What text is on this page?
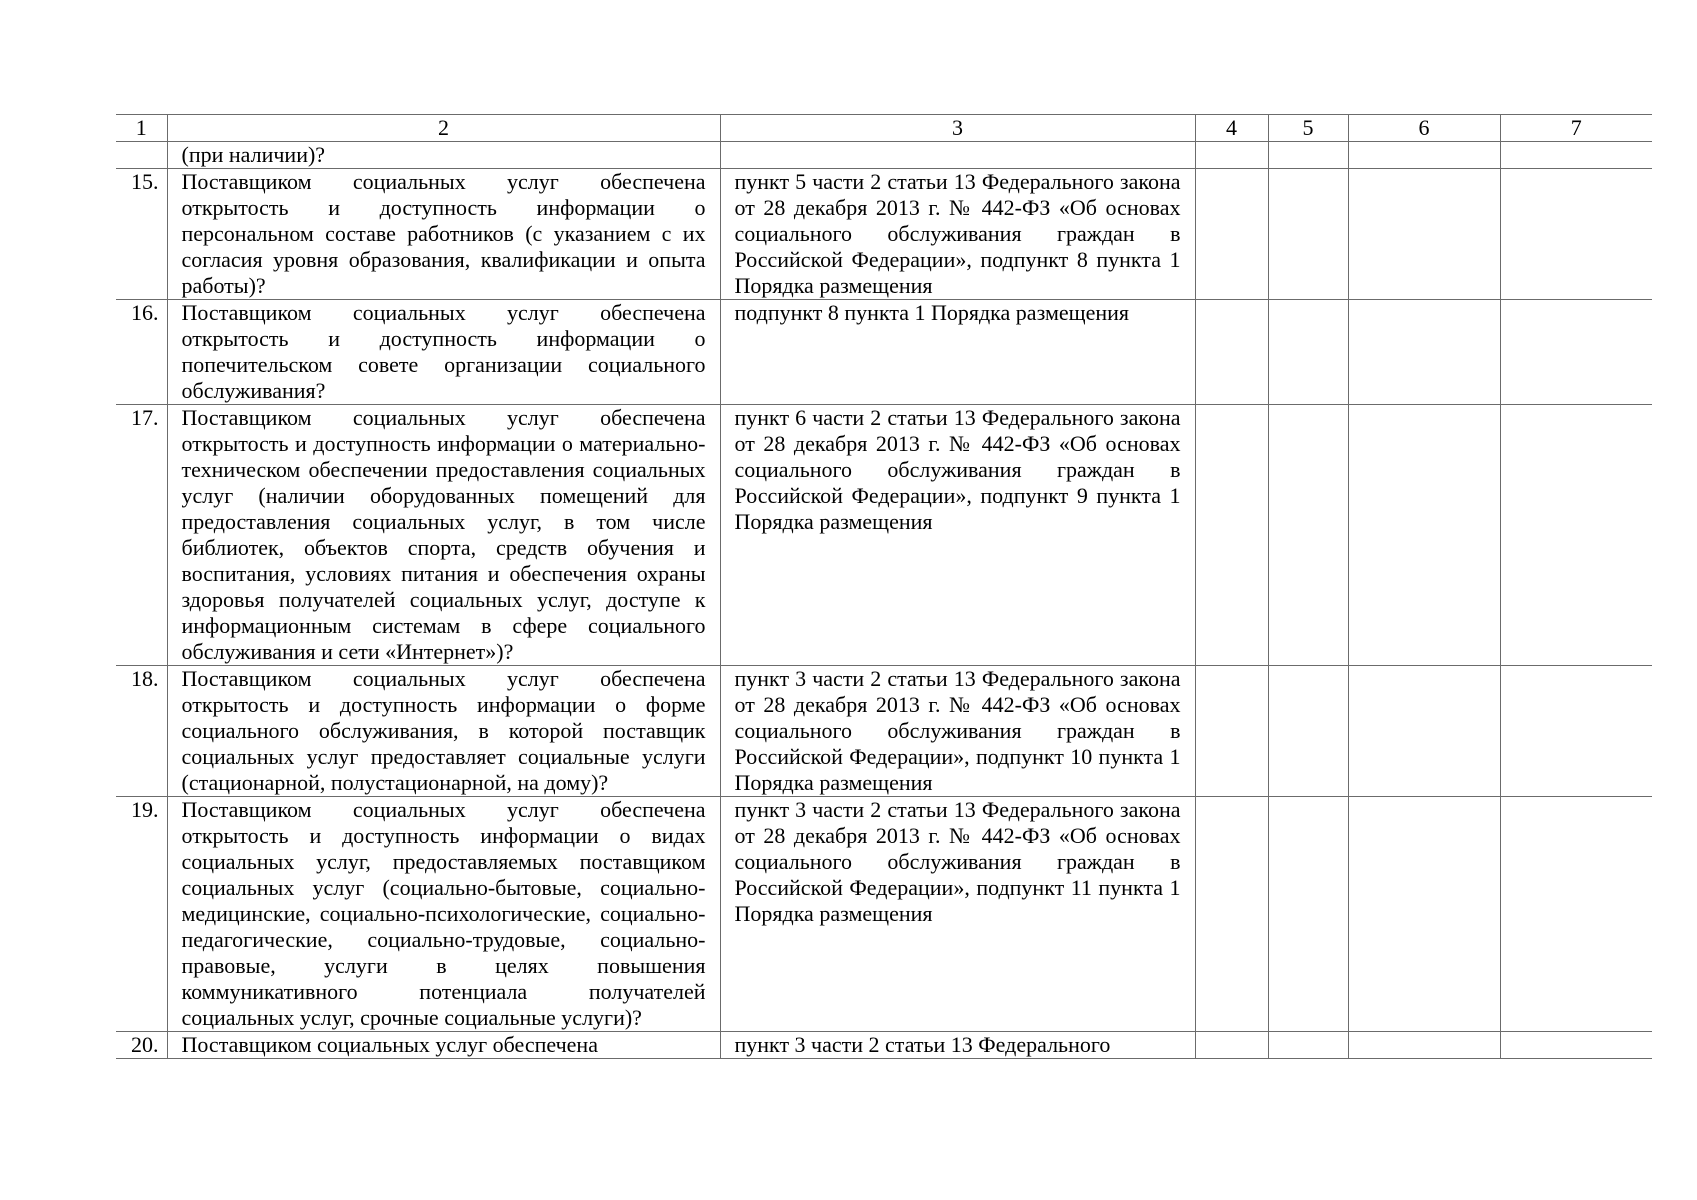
1	2	3	4	5	6	7
	(при наличии)?					
15.	Поставщиком социальных услуг обеспечена открытость и доступность информации о персональном составе работников (с указанием с их согласия уровня образования, квалификации и опыта работы)?	пункт 5 части 2 статьи 13 Федерального закона от 28 декабря 2013 г. № 442-ФЗ «Об основах социального обслуживания граждан в Российской Федерации», подпункт 8 пункта 1 Порядка размещения				
16.	Поставщиком социальных услуг обеспечена открытость и доступность информации о попечительском совете организации социального обслуживания?	подпункт 8 пункта 1 Порядка размещения				
17.	Поставщиком социальных услуг обеспечена открытость и доступность информации о материально-техническом обеспечении предоставления социальных услуг (наличии оборудованных помещений для предоставления социальных услуг, в том числе библиотек, объектов спорта, средств обучения и воспитания, условиях питания и обеспечения охраны здоровья получателей социальных услуг, доступе к информационным системам в сфере социального обслуживания и сети «Интернет»)?	пункт 6 части 2 статьи 13 Федерального закона от 28 декабря 2013 г. № 442-ФЗ «Об основах социального обслуживания граждан в Российской Федерации», подпункт 9 пункта 1 Порядка размещения				
18.	Поставщиком социальных услуг обеспечена открытость и доступность информации о форме социального обслуживания, в которой поставщик социальных услуг предоставляет социальные услуги (стационарной, полустационарной, на дому)?	пункт 3 части 2 статьи 13 Федерального закона от 28 декабря 2013 г. № 442-ФЗ «Об основах социального обслуживания граждан в Российской Федерации», подпункт 10 пункта 1 Порядка размещения				
19.	Поставщиком социальных услуг обеспечена открытость и доступность информации о видах социальных услуг, предоставляемых поставщиком социальных услуг (социально-бытовые, социально-медицинские, социально-психологические, социально-педагогические, социально-трудовые, социально-правовые, услуги в целях повышения коммуникативного потенциала получателей социальных услуг, срочные социальные услуги)?	пункт 3 части 2 статьи 13 Федерального закона от 28 декабря 2013 г. № 442-ФЗ «Об основах социального обслуживания граждан в Российской Федерации», подпункт 11 пункта 1 Порядка размещения				
20.	Поставщиком социальных услуг обеспечена	пункт 3 части 2 статьи 13 Федерального				
